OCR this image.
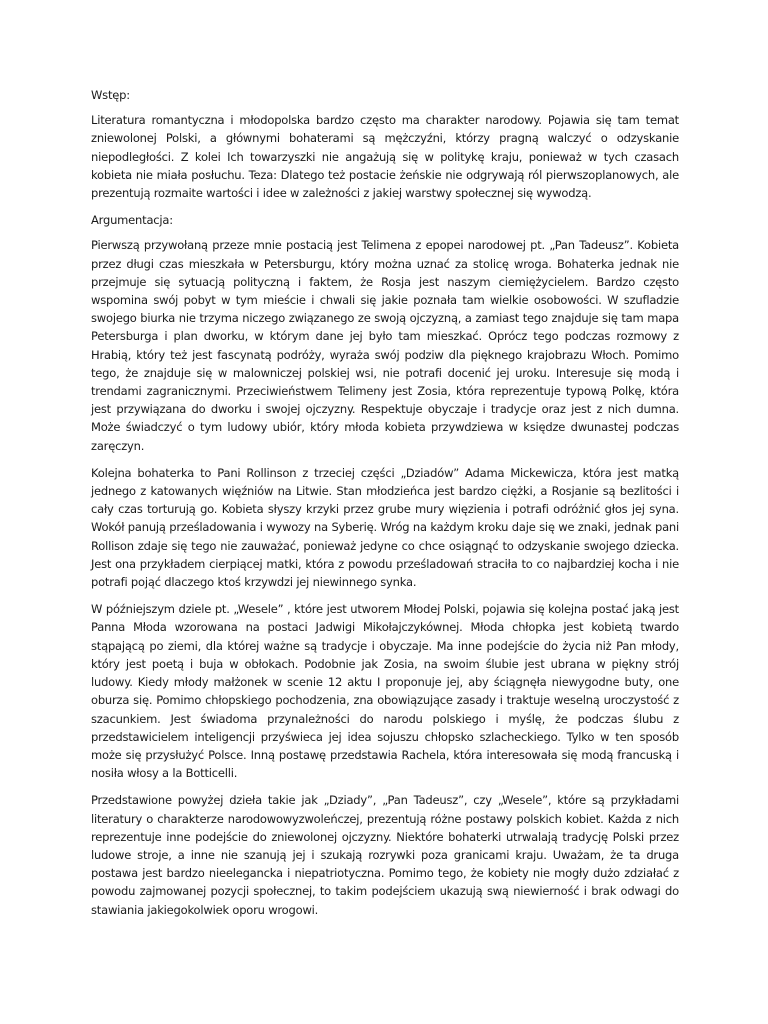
Wstęp:

Literatura romantyczna i młodopolska bardzo często ma charakter narodowy. Pojawia się tam temat zniewolonej Polski, a głównymi bohaterami są mężczyźni, którzy pragną walczyć o odzyskanie niepodległości. Z kolei Ich towarzyszki nie angażują się w politykę kraju, ponieważ w tych czasach kobieta nie miała posłuchu. Teza: Dlatego też postacie żeńskie nie odgrywają ról pierwszoplanowych, ale prezentują rozmaite wartości i idee w zależności z jakiej warstwy społecznej się wywodzą.

Argumentacja:

Pierwszą przywołaną przeze mnie postacią jest Telimena z epopei narodowej pt. „Pan Tadeusz”. Kobieta przez długi czas mieszkała w Petersburgu, który można uznać za stolicę wroga. Bohaterka jednak nie przejmuje się sytuacją polityczną i faktem, że Rosja jest naszym ciemiężycielem. Bardzo często wspomina swój pobyt w tym mieście i chwali się jakie poznała tam wielkie osobowości. W szufladzie swojego biurka nie trzyma niczego związanego ze swoją ojczyzną, a zamiast tego znajduje się tam mapa Petersburga i plan dworku, w którym dane jej było tam mieszkać. Oprócz tego podczas rozmowy z Hrabią, który też jest fascynatą podróży, wyraża swój podziw dla pięknego krajobrazu Włoch. Pomimo tego, że znajduje się w malowniczej polskiej wsi, nie potrafi docenić jej uroku. Interesuje się modą i trendami zagranicznymi. Przeciwieństwem Telimeny jest Zosia, która reprezentuje typową Polkę, która jest przywiązana do dworku i swojej ojczyzny. Respektuje obyczaje i tradycje oraz jest z nich dumna. Może świadczyć o tym ludowy ubiór, który młoda kobieta przywdziewa w księdze dwunastej podczas zaręczyn.

Kolejna bohaterka to Pani Rollinson z trzeciej części „Dziadów” Adama Mickewicza, która jest matką jednego z katowanych więźniów na Litwie. Stan młodzieńca jest bardzo ciężki, a Rosjanie są bezlitości i cały czas torturują go. Kobieta słyszy krzyki przez grube mury więzienia i potrafi odróżnić głos jej syna. Wokół panują prześladowania i wywozy na Syberię. Wróg na każdym kroku daje się we znaki, jednak pani Rollison zdaje się tego nie zauważać, ponieważ jedyne co chce osiągnąć to odzyskanie swojego dziecka. Jest ona przykładem cierpiącej matki, która z powodu prześladowań straciła to co najbardziej kocha i nie potrafi pojąć dlaczego ktoś krzywdzi jej niewinnego synka.

W późniejszym dziele pt. „Wesele” , które jest utworem Młodej Polski, pojawia się kolejna postać jaką jest Panna Młoda wzorowana na postaci Jadwigi Mikołajczykównej. Młoda chłopka jest kobietą twardo stąpającą po ziemi, dla której ważne są tradycje i obyczaje. Ma inne podejście do życia niż Pan młody, który jest poetą i buja w obłokach. Podobnie jak Zosia, na swoim ślubie jest ubrana w piękny strój ludowy. Kiedy młody małżonek w scenie 12 aktu I proponuje jej, aby ściągnęła niewygodne buty, one oburza się. Pomimo chłopskiego pochodzenia, zna obowiązujące zasady i traktuje weselną uroczystość z szacunkiem. Jest świadoma przynależności do narodu polskiego i myślę, że podczas ślubu z przedstawicielem inteligencji przyświeca jej idea sojuszu chłopsko szlacheckiego. Tylko w ten sposób może się przysłużyć Polsce. Inną postawę przedstawia Rachela, która interesowała się modą francuską i nosiła włosy a la Botticelli.

Przedstawione powyżej dzieła takie jak „Dziady”, „Pan Tadeusz”, czy „Wesele”, które są przykładami literatury o charakterze narodowowyzwoleńczej, prezentują różne postawy polskich kobiet. Każda z nich reprezentuje inne podejście do zniewolonej ojczyzny. Niektóre bohaterki utrwalają tradycję Polski przez ludowe stroje, a inne nie szanują jej i szukają rozrywki poza granicami kraju. Uważam, że ta druga postawa jest bardzo nieelegancka i niepatriotyczna. Pomimo tego, że kobiety nie mogły dużo zdziałać z powodu zajmowanej pozycji społecznej, to takim podejściem ukazują swą niewierność i brak odwagi do stawiania jakiegokolwiek oporu wrogowi.
